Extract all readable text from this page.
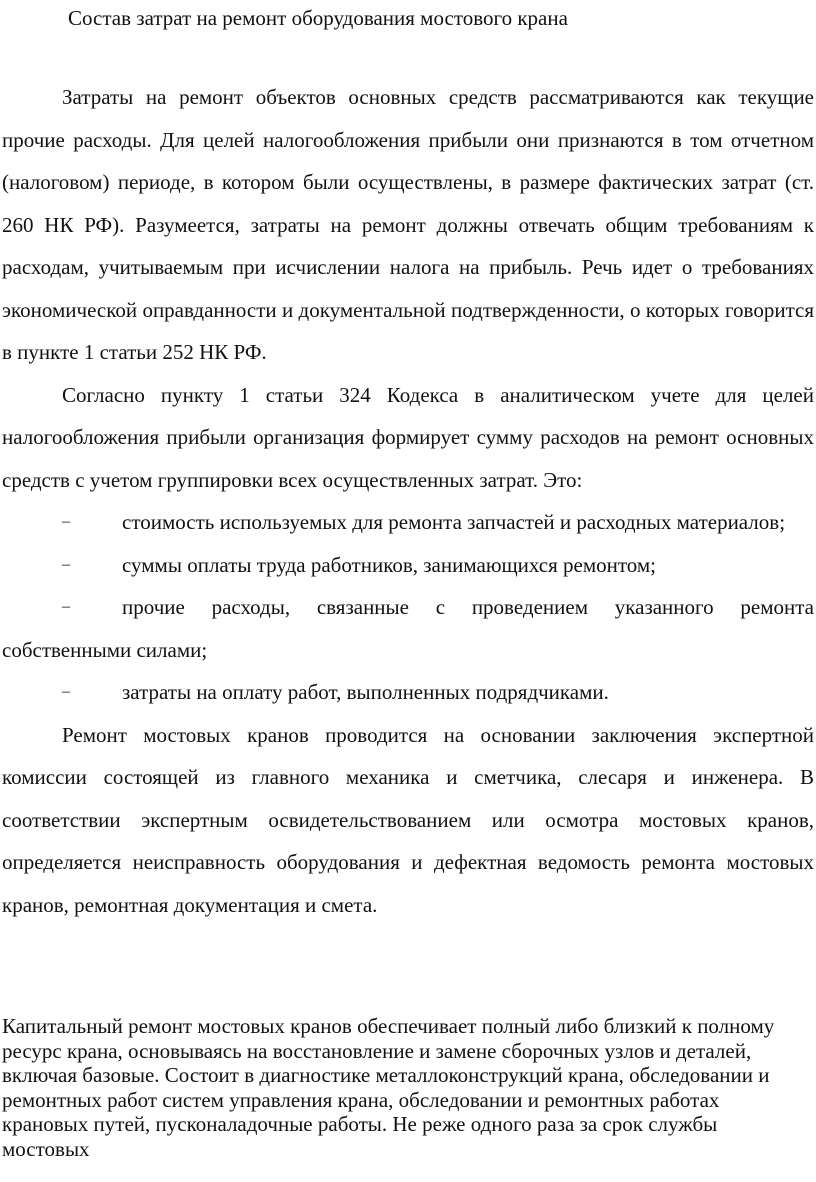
Состав затрат на ремонт оборудования мостового крана

Затраты на ремонт объектов основных средств рассматриваются как текущие прочие расходы. Для целей налогообложения прибыли они признаются в том отчетном (налоговом) периоде, в котором были осуществлены, в размере фактических затрат (ст. 260 НК РФ). Разумеется, затраты на ремонт должны отвечать общим требованиям к расходам, учитываемым при исчислении налога на прибыль. Речь идет о требованиях экономической оправданности и документальной подтвержденности, о которых говорится в пункте 1 статьи 252 НК РФ.

Согласно пункту 1 статьи 324 Кодекса в аналитическом учете для целей налогообложения прибыли организация формирует сумму расходов на ремонт основных средств с учетом группировки всех осуществленных затрат. Это:

– стоимость используемых для ремонта запчастей и расходных материалов;

– суммы оплаты труда работников, занимающихся ремонтом;

– прочие расходы, связанные с проведением указанного ремонта собственными силами;

– затраты на оплату работ, выполненных подрядчиками.

Ремонт мостовых кранов проводится на основании заключения экспертной комиссии состоящей из главного механика и сметчика, слесаря и инженера. В соответствии экспертным освидетельствованием или осмотра мостовых кранов, определяется неисправность оборудования и дефектная ведомость ремонта мостовых кранов, ремонтная документация и смета.

Капитальный ремонт мостовых кранов обеспечивает полный либо близкий к полному ресурс крана, основываясь на восстановление и замене сборочных узлов и деталей, включая базовые. Состоит в диагностике металлоконструкций крана, обследовании и ремонтных работ систем управления крана, обследовании и ремонтных работах крановых путей, пусконаладочные работы. Не реже одного раза за срок службы мостовых
